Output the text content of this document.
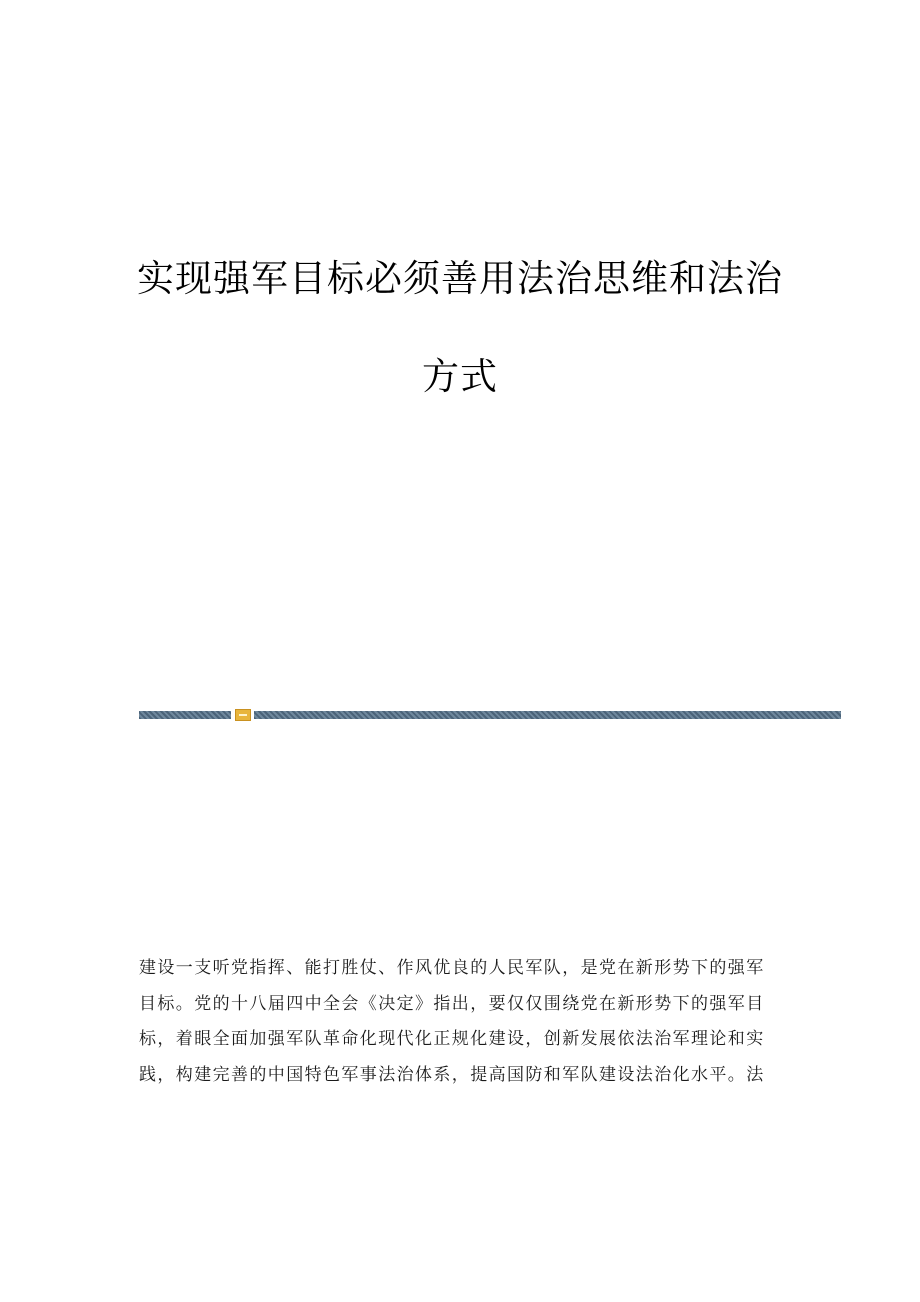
实现强军目标必须善用法治思维和法治
方式

建设一支听党指挥、能打胜仗、作风优良的人民军队，是党在新形势下的强军
目标。党的十八届四中全会《决定》指出，要仅仅围绕党在新形势下的强军目
标，着眼全面加强军队革命化现代化正规化建设，创新发展依法治军理论和实
践，构建完善的中国特色军事法治体系，提高国防和军队建设法治化水平。法
